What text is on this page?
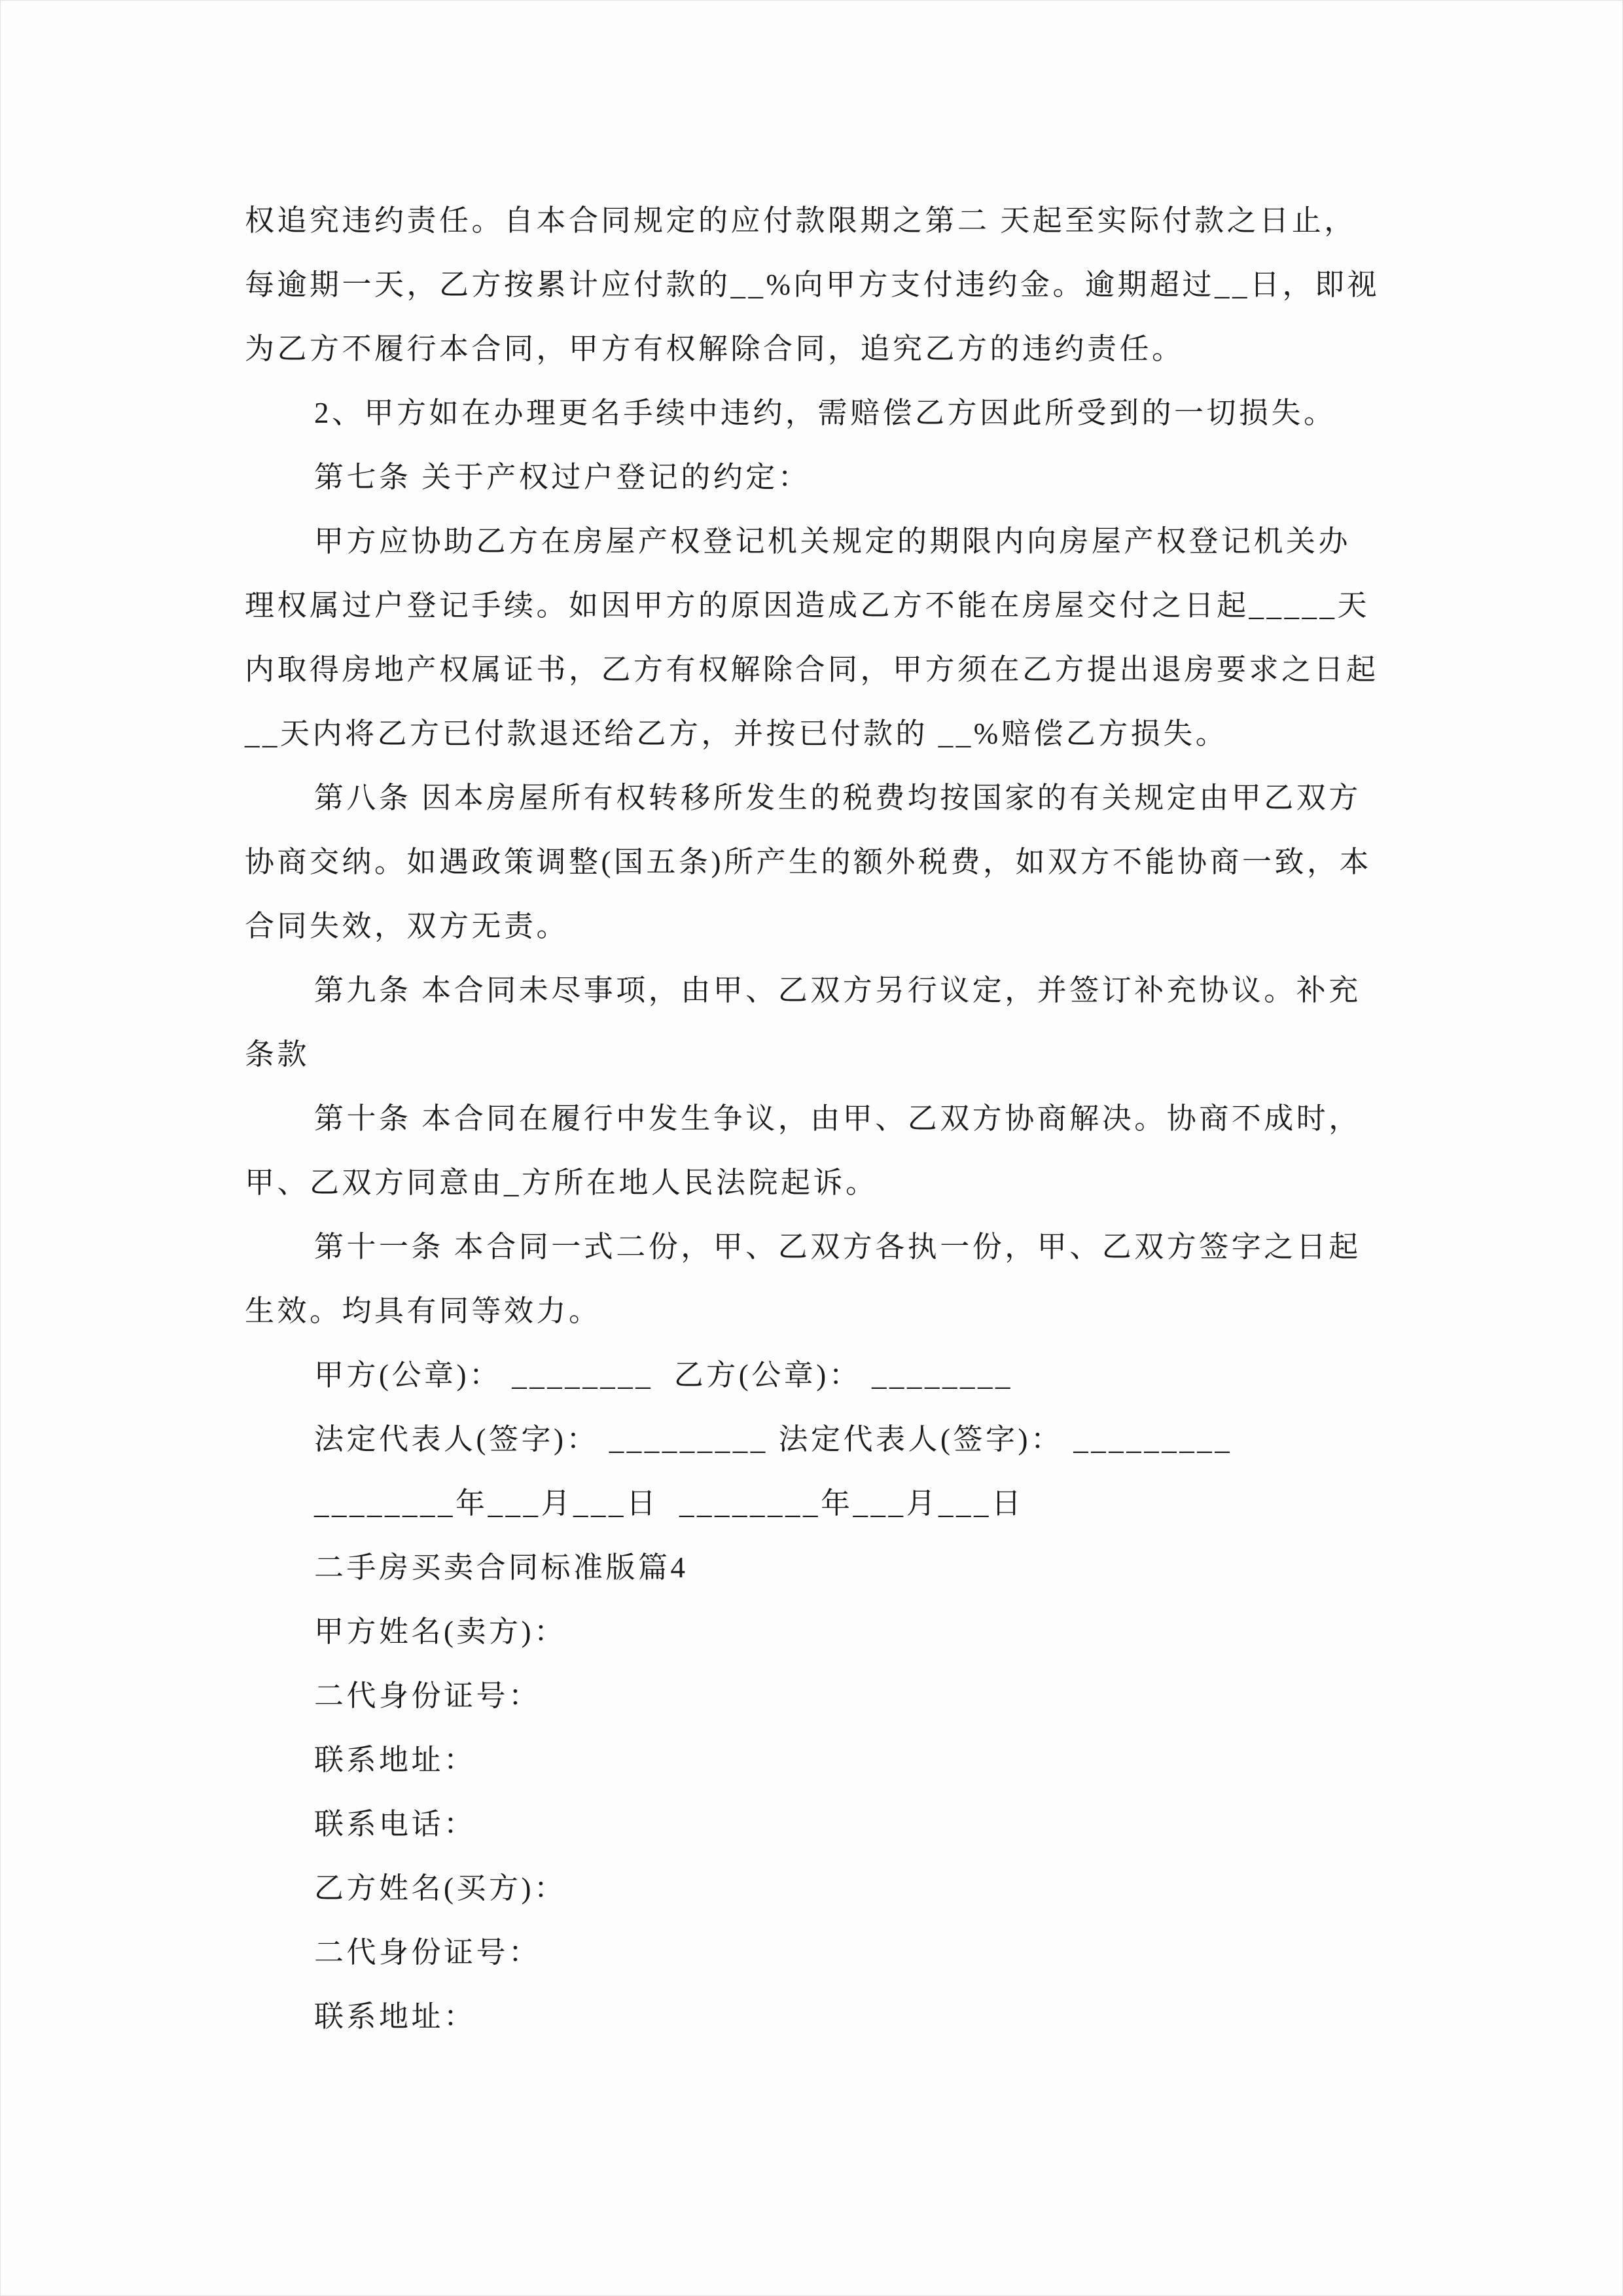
权追究违约责任。自本合同规定的应付款限期之第二 天起至实际付款之日止，
每逾期一天，乙方按累计应付款的__%向甲方支付违约金。逾期超过__日，即视
为乙方不履行本合同，甲方有权解除合同，追究乙方的违约责任。
2、甲方如在办理更名手续中违约，需赔偿乙方因此所受到的一切损失。
第七条 关于产权过户登记的约定：
甲方应协助乙方在房屋产权登记机关规定的期限内向房屋产权登记机关办
理权属过户登记手续。如因甲方的原因造成乙方不能在房屋交付之日起_____天
内取得房地产权属证书，乙方有权解除合同，甲方须在乙方提出退房要求之日起
__天内将乙方已付款退还给乙方，并按已付款的 __%赔偿乙方损失。
第八条 因本房屋所有权转移所发生的税费均按国家的有关规定由甲乙双方
协商交纳。如遇政策调整(国五条)所产生的额外税费，如双方不能协商一致，本
合同失效，双方无责。
第九条 本合同未尽事项，由甲、乙双方另行议定，并签订补充协议。补充
条款
第十条 本合同在履行中发生争议，由甲、乙双方协商解决。协商不成时，
甲、乙双方同意由_方所在地人民法院起诉。
第十一条 本合同一式二份，甲、乙双方各执一份，甲、乙双方签字之日起
生效。均具有同等效力。
甲方(公章)： ________  乙方(公章)： ________
法定代表人(签字)： _________ 法定代表人(签字)： _________
________年___月___日  ________年___月___日
二手房买卖合同标准版篇4
甲方姓名(卖方)：
二代身份证号：
联系地址：
联系电话：
乙方姓名(买方)：
二代身份证号：
联系地址：
